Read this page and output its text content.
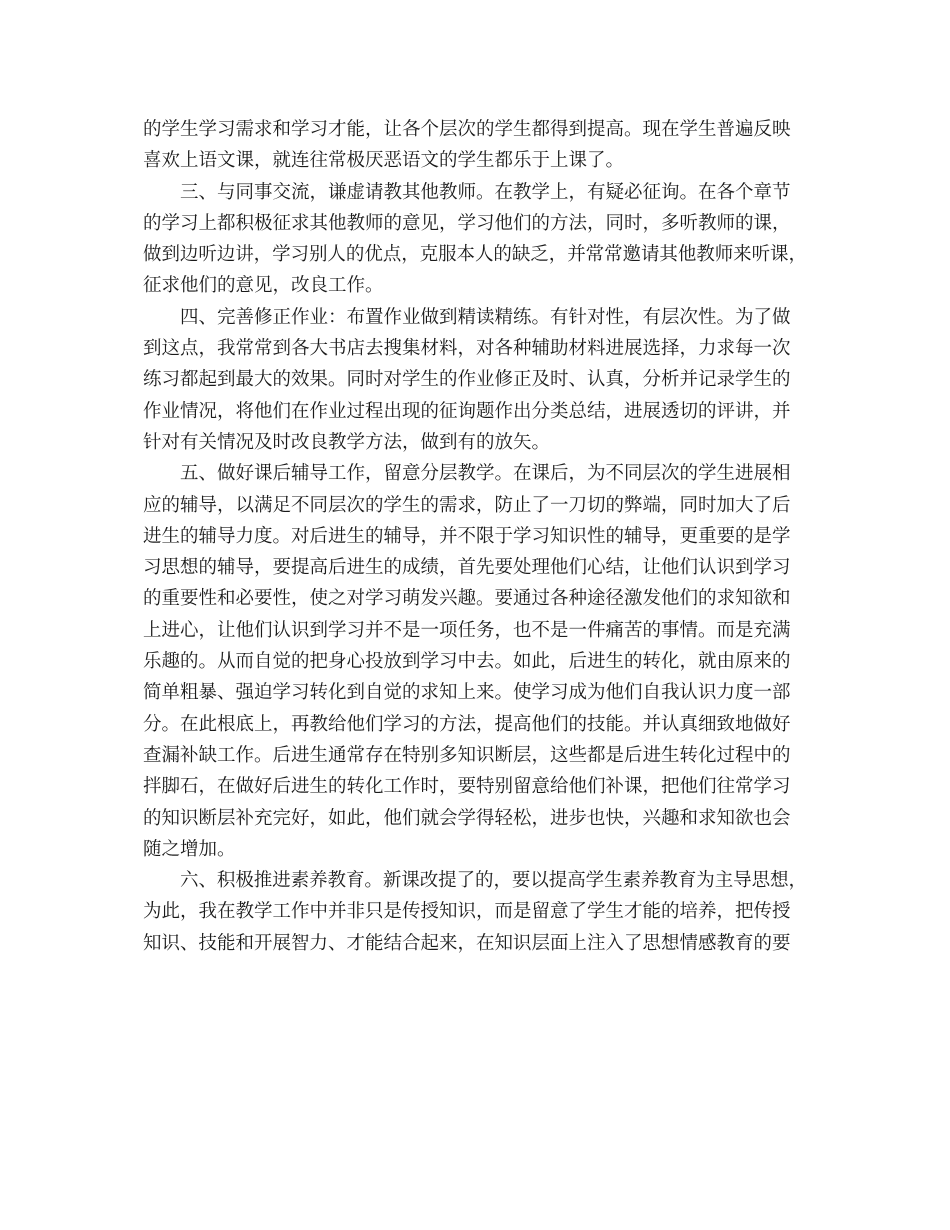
的学生学习需求和学习才能，让各个层次的学生都得到提高。现在学生普遍反映
喜欢上语文课，就连往常极厌恶语文的学生都乐于上课了。
三、与同事交流，谦虚请教其他教师。在教学上，有疑必征询。在各个章节
的学习上都积极征求其他教师的意见，学习他们的方法，同时，多听教师的课，
做到边听边讲，学习别人的优点，克服本人的缺乏，并常常邀请其他教师来听课，
征求他们的意见，改良工作。
四、完善修正作业：布置作业做到精读精练。有针对性，有层次性。为了做
到这点，我常常到各大书店去搜集材料，对各种辅助材料进展选择，力求每一次
练习都起到最大的效果。同时对学生的作业修正及时、认真，分析并记录学生的
作业情况，将他们在作业过程出现的征询题作出分类总结，进展透切的评讲，并
针对有关情况及时改良教学方法，做到有的放矢。
五、做好课后辅导工作，留意分层教学。在课后，为不同层次的学生进展相
应的辅导，以满足不同层次的学生的需求，防止了一刀切的弊端，同时加大了后
进生的辅导力度。对后进生的辅导，并不限于学习知识性的辅导，更重要的是学
习思想的辅导，要提高后进生的成绩，首先要处理他们心结，让他们认识到学习
的重要性和必要性，使之对学习萌发兴趣。要通过各种途径激发他们的求知欲和
上进心，让他们认识到学习并不是一项任务，也不是一件痛苦的事情。而是充满
乐趣的。从而自觉的把身心投放到学习中去。如此，后进生的转化，就由原来的
简单粗暴、强迫学习转化到自觉的求知上来。使学习成为他们自我认识力度一部
分。在此根底上，再教给他们学习的方法，提高他们的技能。并认真细致地做好
查漏补缺工作。后进生通常存在特别多知识断层，这些都是后进生转化过程中的
拌脚石，在做好后进生的转化工作时，要特别留意给他们补课，把他们往常学习
的知识断层补充完好，如此，他们就会学得轻松，进步也快，兴趣和求知欲也会
随之增加。
六、积极推进素养教育。新课改提了的，要以提高学生素养教育为主导思想，
为此，我在教学工作中并非只是传授知识，而是留意了学生才能的培养，把传授
知识、技能和开展智力、才能结合起来，在知识层面上注入了思想情感教育的要
